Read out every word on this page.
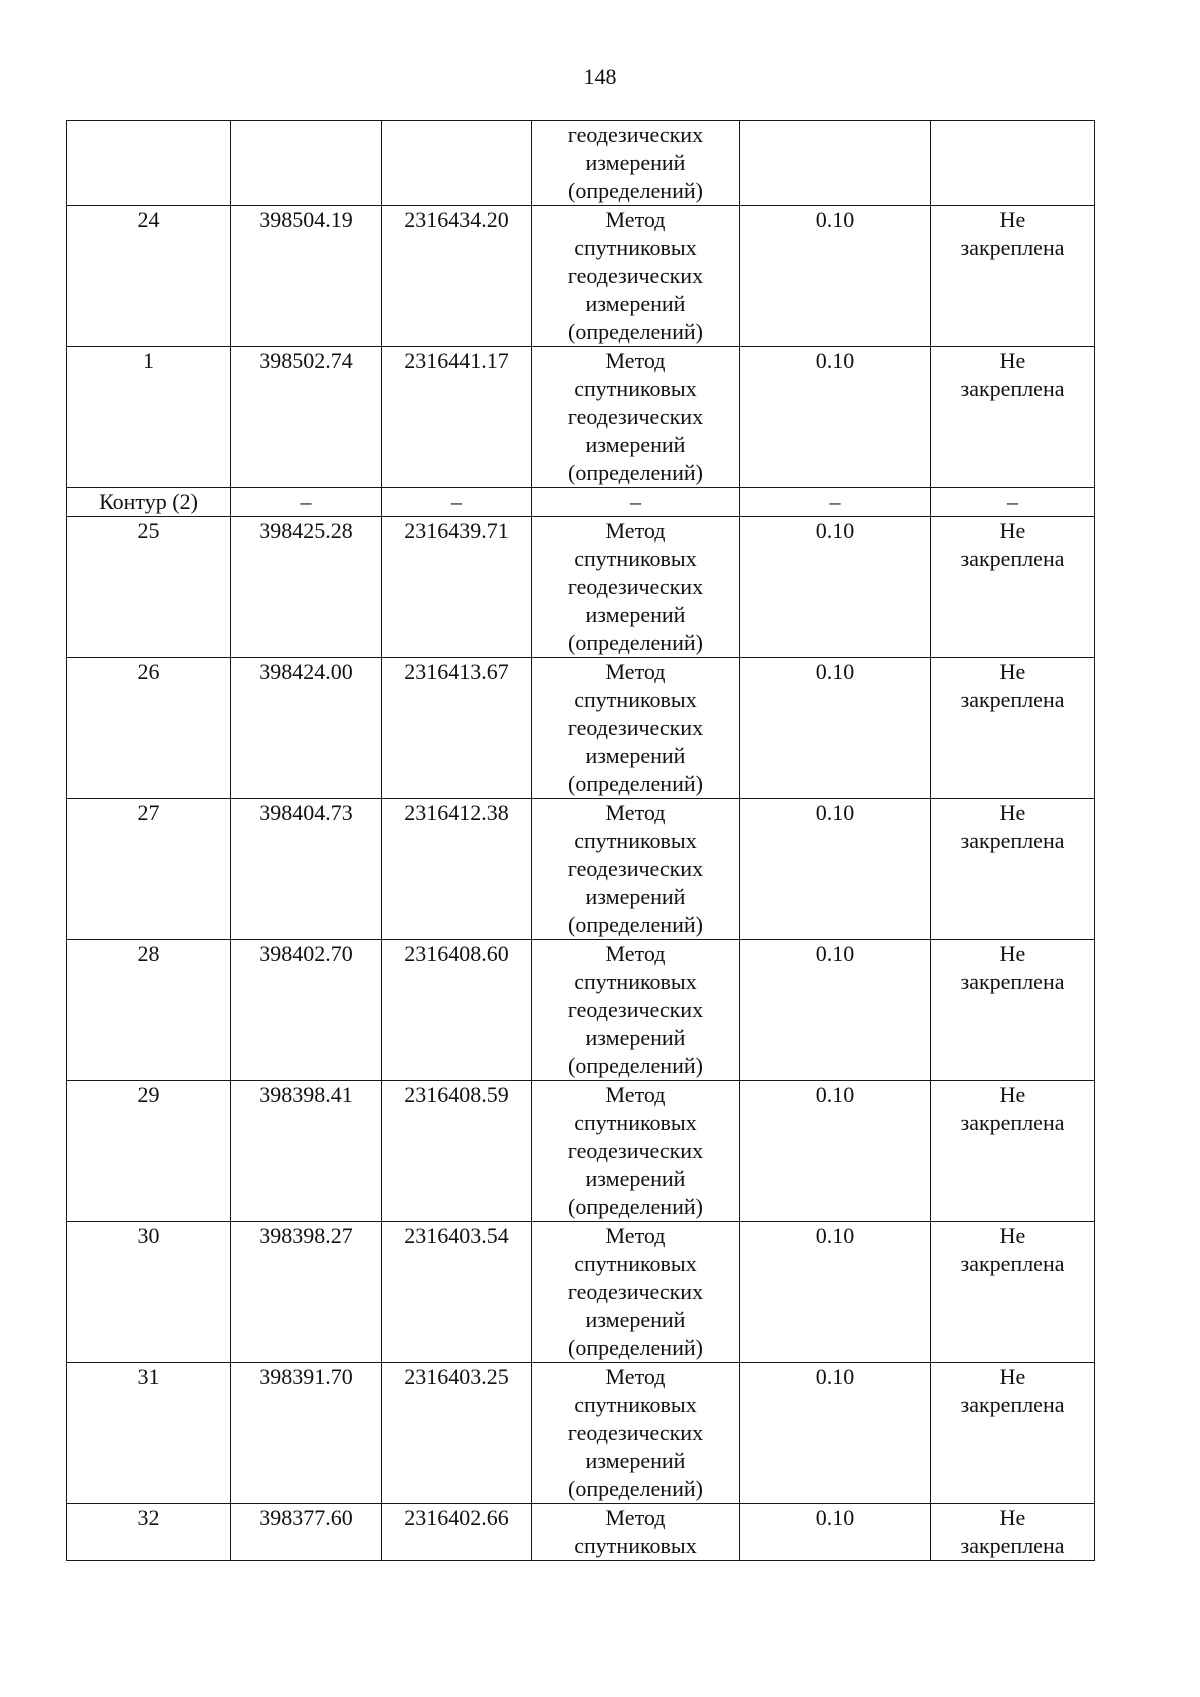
148

			геодезических
измерений
(определений)		

24	398504.19	2316434.20	Метод
спутниковых
геодезических
измерений
(определений)	0.10	Не
закреплена

1	398502.74	2316441.17	Метод
спутниковых
геодезических
измерений
(определений)	0.10	Не
закреплена

Контур (2)	–	–	–	–	–
25	398425.28	2316439.71	Метод
спутниковых
геодезических
измерений
(определений)	0.10	Не
закреплена

26	398424.00	2316413.67	Метод
спутниковых
геодезических
измерений
(определений)	0.10	Не
закреплена

27	398404.73	2316412.38	Метод
спутниковых
геодезических
измерений
(определений)	0.10	Не
закреплена

28	398402.70	2316408.60	Метод
спутниковых
геодезических
измерений
(определений)	0.10	Не
закреплена

29	398398.41	2316408.59	Метод
спутниковых
геодезических
измерений
(определений)	0.10	Не
закреплена

30	398398.27	2316403.54	Метод
спутниковых
геодезических
измерений
(определений)	0.10	Не
закреплена

31	398391.70	2316403.25	Метод
спутниковых
геодезических
измерений
(определений)	0.10	Не
закреплена

32	398377.60	2316402.66	Метод
спутниковых	0.10	Не
закреплена
